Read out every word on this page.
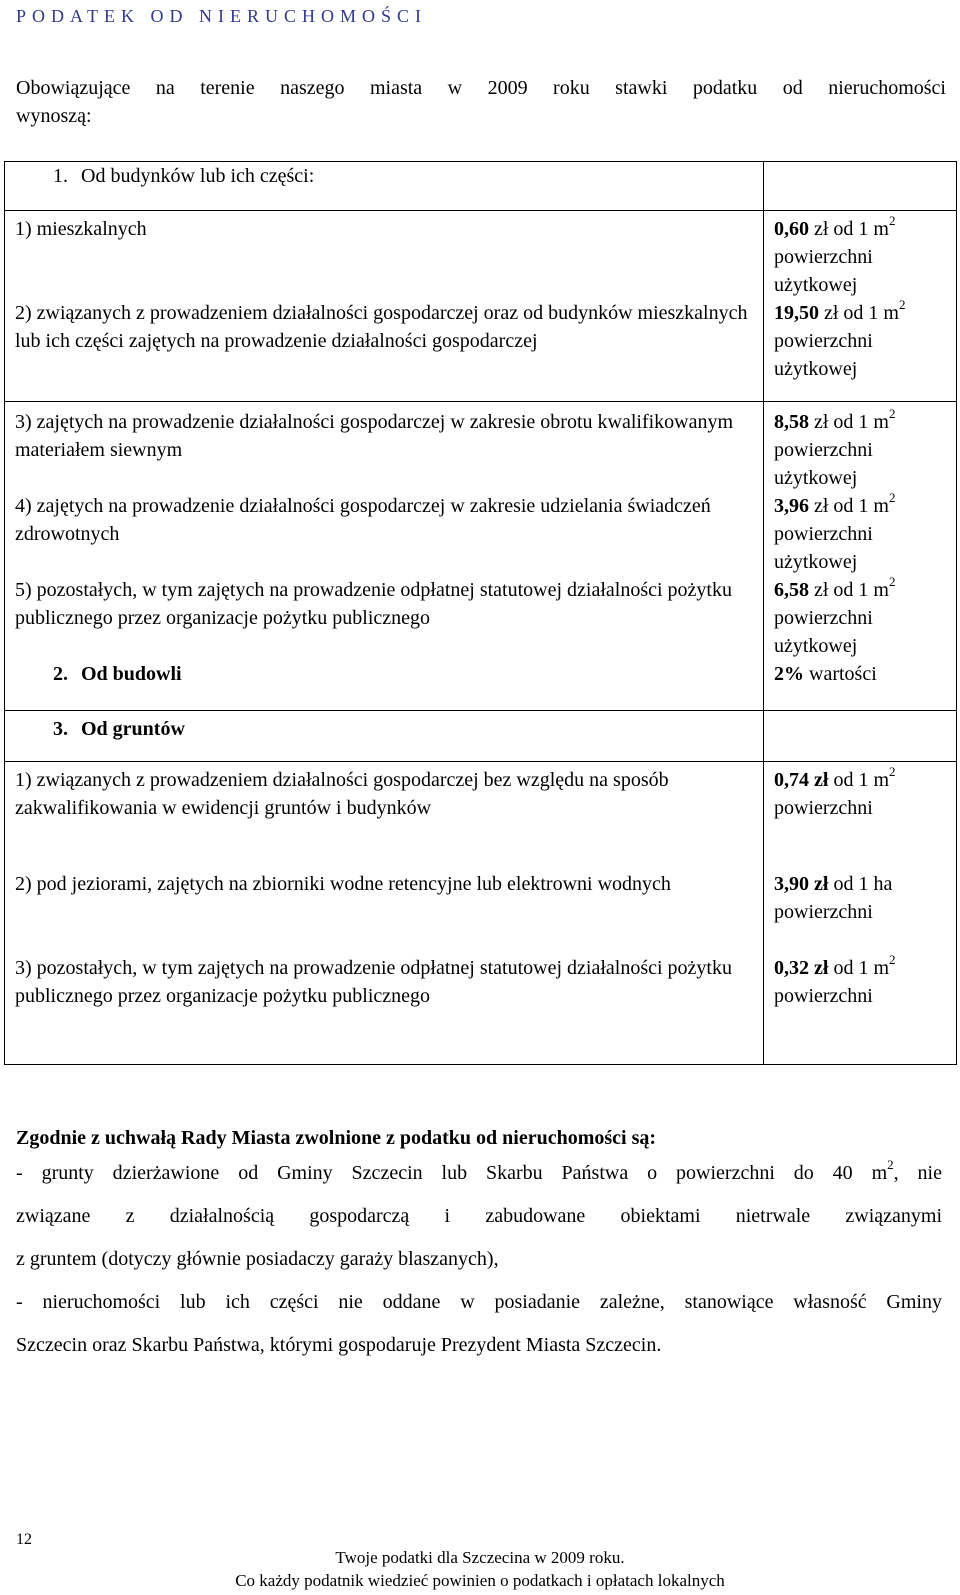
PODATEK OD NIERUCHOMOŚCI
Obowiązujące na terenie naszego miasta w 2009 roku stawki podatku od nieruchomości
wynoszą:
1. Od budynków lub ich części:	
1) mieszkalnych	0,60 zł od 1 $m^2$
powierzchni
użytkowej

2) związanych z prowadzeniem działalności gospodarczej oraz od budynków mieszkalnych lub ich części zajętych na prowadzenie działalności gospodarczej	19,50 zł od 1 $m^2$
powierzchni
użytkowej

3) zajętych na prowadzenie działalności gospodarczej w zakresie obrotu kwalifikowanym materiałem siewnym	8,58 zł od 1 $m^2$
powierzchni
użytkowej

4) zajętych na prowadzenie działalności gospodarczej w zakresie udzielania świadczeń zdrowotnych	3,96 zł od 1 $m^2$
powierzchni
użytkowej

5) pozostałych, w tym zajętych na prowadzenie odpłatnej statutowej działalności pożytku publicznego przez organizacje pożytku publicznego	6,58 zł od 1 $m^2$
powierzchni
użytkowej

2. Od budowli	2% wartości
3. Od gruntów	
1) związanych z prowadzeniem działalności gospodarczej bez względu na sposób zakwalifikowania w ewidencji gruntów i budynków	0,74 zł od 1 $m^2$
powierzchni

2) pod jeziorami, zajętych na zbiorniki wodne retencyjne lub elektrowni wodnych	3,90 zł od 1 ha
powierzchni

3) pozostałych, w tym zajętych na prowadzenie odpłatnej statutowej działalności pożytku publicznego przez organizacje pożytku publicznego	0,32 zł od 1 $m^2$
powierzchni
Zgodnie z uchwałą Rady Miasta zwolnione z podatku od nieruchomości są:

- grunty dzierżawione od Gminy Szczecin lub Skarbu Państwa o powierzchni do 40 $m^2$, nie
związane z działalnością gospodarczą i zabudowane obiektami nietrwale związanymi
z gruntem (dotyczy głównie posiadaczy garaży blaszanych),

- nieruchomości lub ich części nie oddane w posiadanie zależne, stanowiące własność Gminy
Szczecin oraz Skarbu Państwa, którymi gospodaruje Prezydent Miasta Szczecin.

12
Twoje podatki dla Szczecina w 2009 roku.
Co każdy podatnik wiedzieć powinien o podatkach i opłatach lokalnych
